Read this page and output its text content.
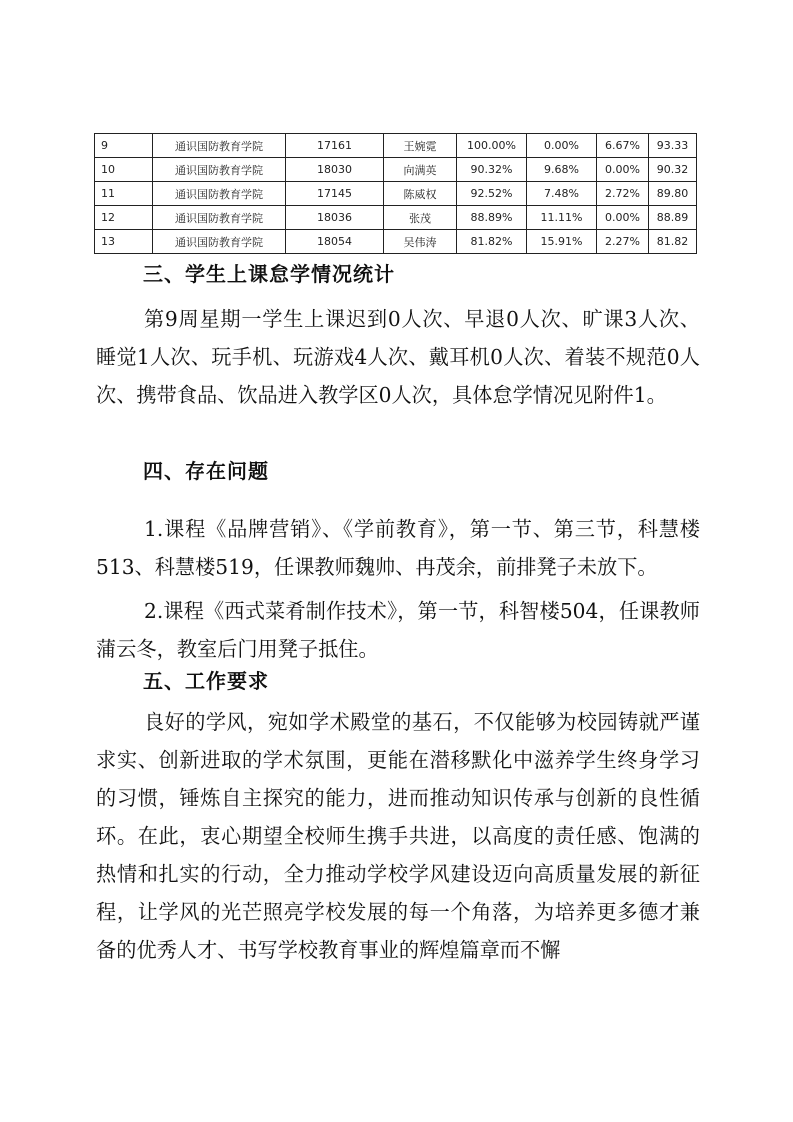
9	通识国防教育学院	17161	王婉霓	100.00%	0.00%	6.67%	93.33
10	通识国防教育学院	18030	向满英	90.32%	9.68%	0.00%	90.32
11	通识国防教育学院	17145	陈威权	92.52%	7.48%	2.72%	89.80
12	通识国防教育学院	18036	张茂	88.89%	11.11%	0.00%	88.89
13	通识国防教育学院	18054	吴伟涛	81.82%	15.91%	2.27%	81.82
三、学生上课怠学情况统计

第9周星期一学生上课迟到0人次、早退0人次、旷课3人次、睡觉1人次、玩手机、玩游戏4人次、戴耳机0人次、着装不规范0人次、携带食品、饮品进入教学区0人次，具体怠学情况见附件1。

四、存在问题

1.课程《品牌营销》、《学前教育》，第一节、第三节，科慧楼513、科慧楼519，任课教师魏帅、冉茂余，前排凳子未放下。

2.课程《西式菜肴制作技术》，第一节，科智楼504，任课教师蒲云冬，教室后门用凳子抵住。

五、工作要求

良好的学风，宛如学术殿堂的基石，不仅能够为校园铸就严谨求实、创新进取的学术氛围，更能在潜移默化中滋养学生终身学习的习惯，锤炼自主探究的能力，进而推动知识传承与创新的良性循环。在此，衷心期望全校师生携手共进，以高度的责任感、饱满的热情和扎实的行动，全力推动学校学风建设迈向高质量发展的新征程，让学风的光芒照亮学校发展的每一个角落，为培养更多德才兼备的优秀人才、书写学校教育事业的辉煌篇章而不懈
